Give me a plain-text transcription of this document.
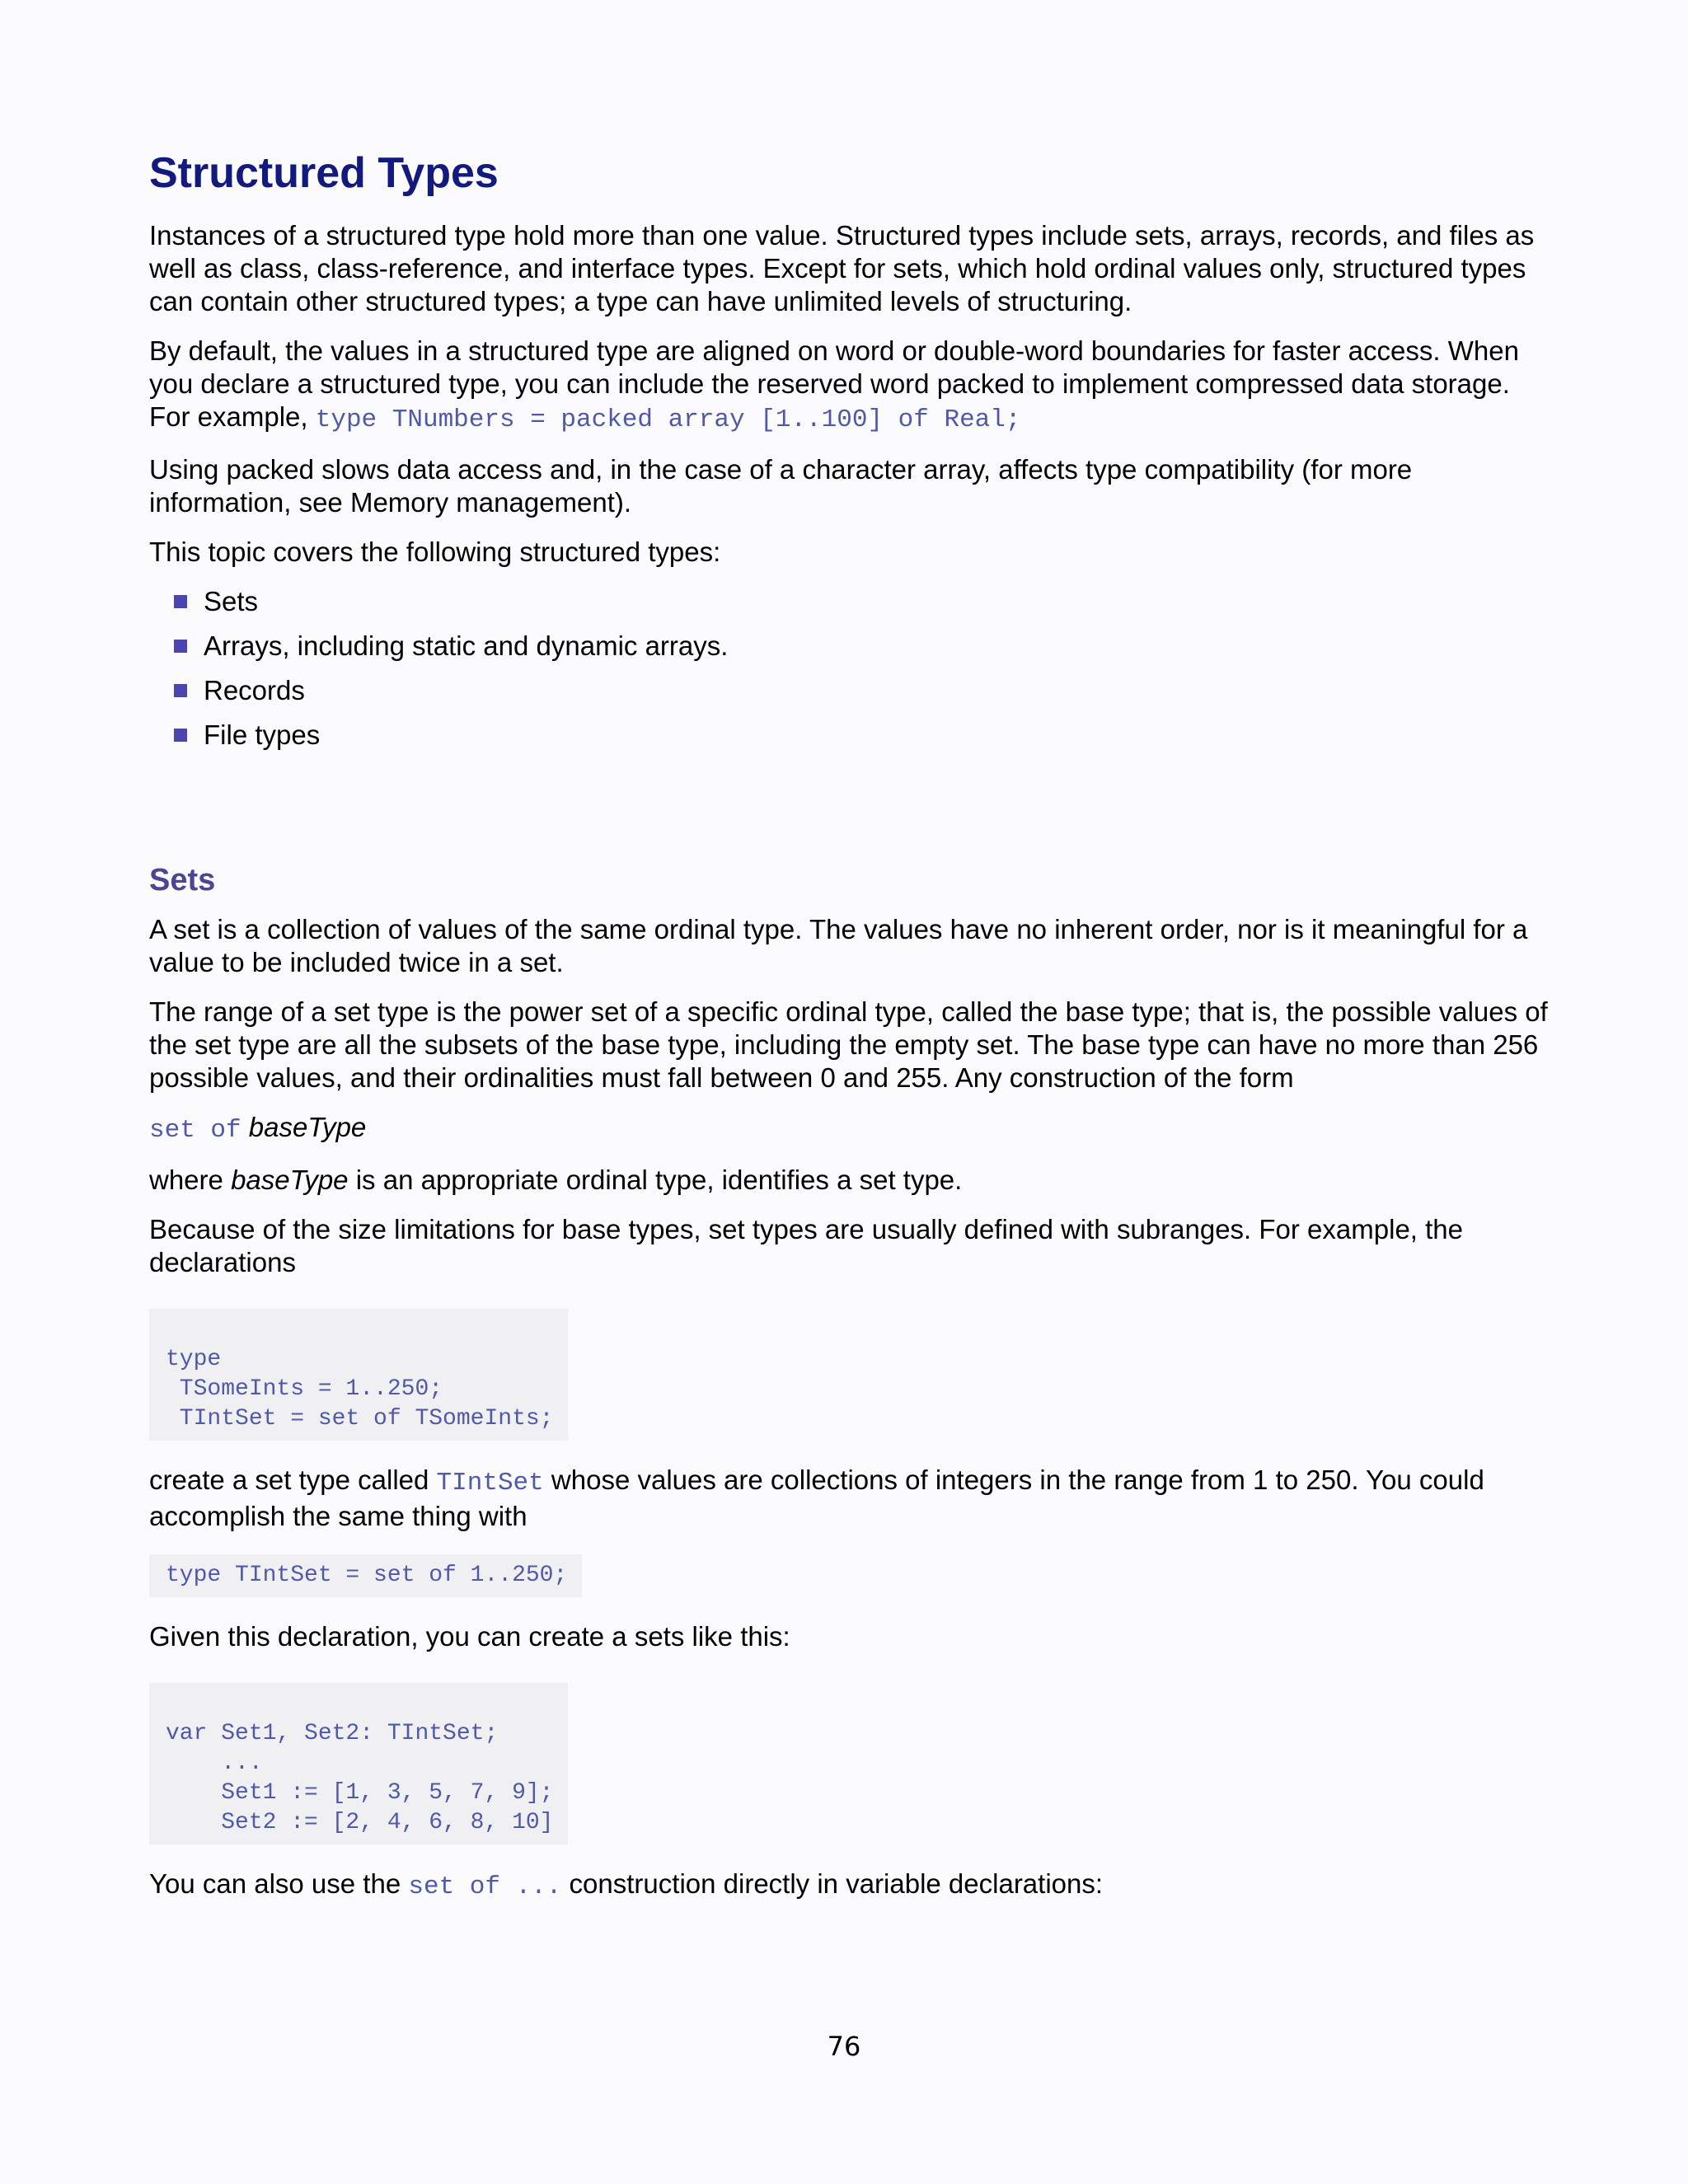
Structured Types

Instances of a structured type hold more than one value. Structured types include sets, arrays, records, and files as well as class, class-reference, and interface types. Except for sets, which hold ordinal values only, structured types can contain other structured types; a type can have unlimited levels of structuring.

By default, the values in a structured type are aligned on word or double-word boundaries for faster access. When you declare a structured type, you can include the reserved word packed to implement compressed data storage. For example, type TNumbers = packed array [1..100] of Real;

Using packed slows data access and, in the case of a character array, affects type compatibility (for more information, see Memory management).

This topic covers the following structured types:

Sets
Arrays, including static and dynamic arrays.
Records
File types
Sets

A set is a collection of values of the same ordinal type. The values have no inherent order, nor is it meaningful for a value to be included twice in a set.

The range of a set type is the power set of a specific ordinal type, called the base type; that is, the possible values of the set type are all the subsets of the base type, including the empty set. The base type can have no more than 256 possible values, and their ordinalities must fall between 0 and 255. Any construction of the form

set of baseType

where baseType is an appropriate ordinal type, identifies a set type.

Because of the size limitations for base types, set types are usually defined with subranges. For example, the declarations

type
TSomeInts = 1..250;
TIntSet = set of TSomeInts;

create a set type called TIntSet whose values are collections of integers in the range from 1 to 250. You could accomplish the same thing with

type TIntSet = set of 1..250;

Given this declaration, you can create a sets like this:

var Set1, Set2: TIntSet;
...
Set1 := [1, 3, 5, 7, 9];
Set2 := [2, 4, 6, 8, 10]

You can also use the set of ... construction directly in variable declarations:

76
